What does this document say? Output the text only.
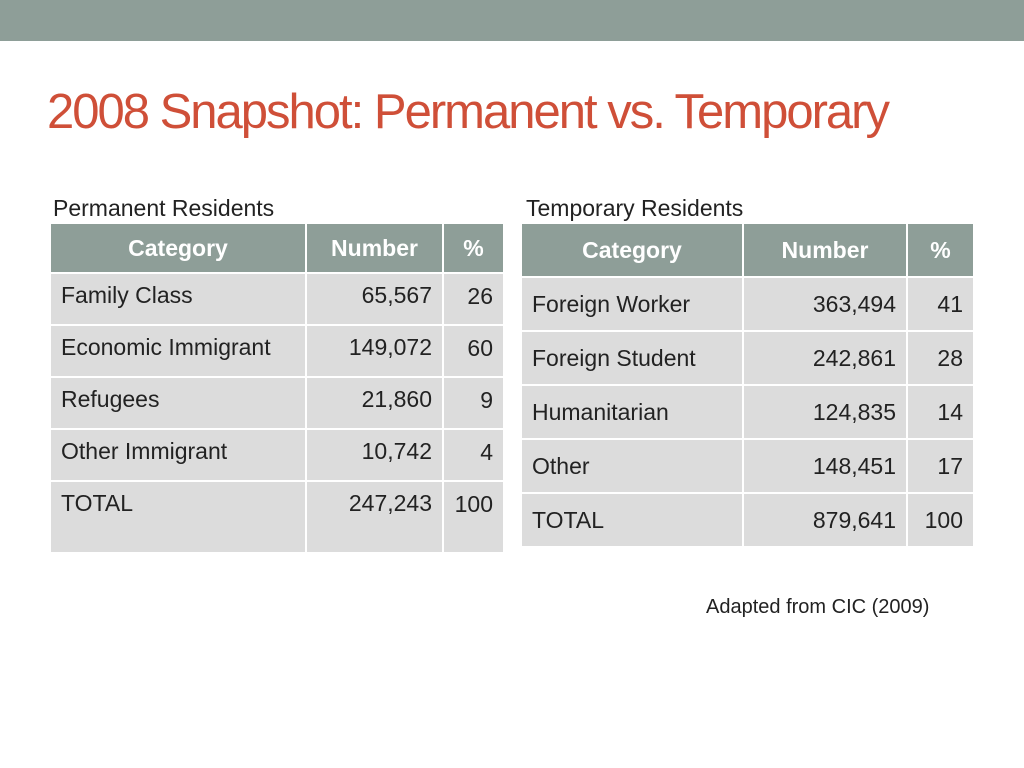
2008 Snapshot: Permanent vs. Temporary
Permanent Residents	Temporary Residents
Category	Number	%
Family Class	65,567	26
Economic Immigrant	149,072	60
Refugees	21,860	9
Other Immigrant	10,742	4
TOTAL	247,243	100
Category	Number	%
Foreign Worker	363,494	41
Foreign Student	242,861	28
Humanitarian	124,835	14
Other	148,451	17
TOTAL	879,641	100
Adapted from CIC (2009)
